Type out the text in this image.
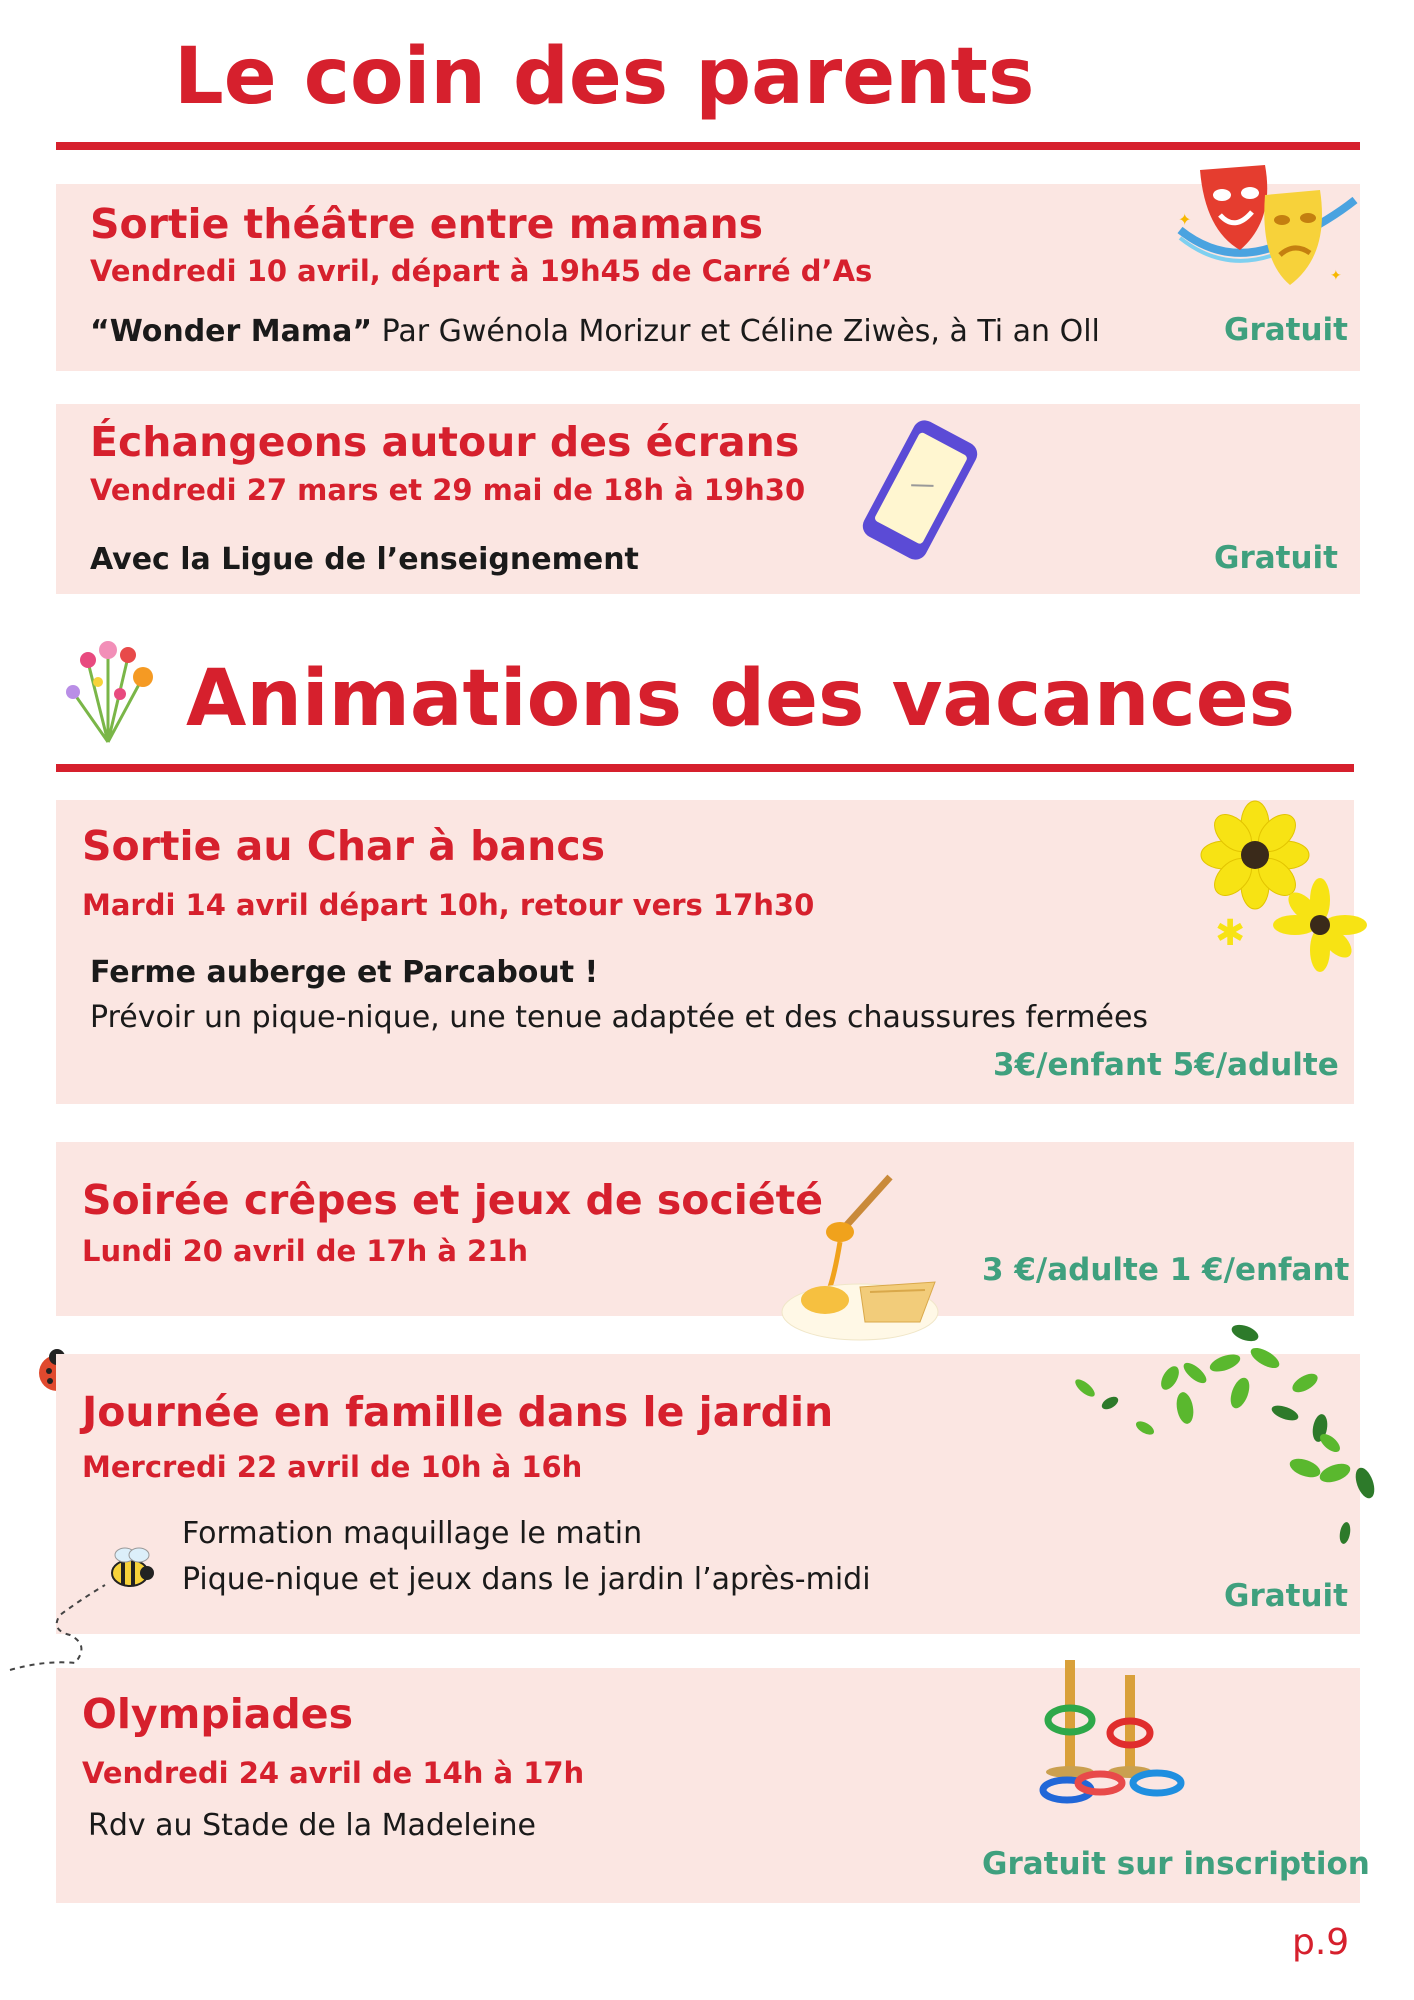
Le coin des parents
Sortie théâtre entre mamans
Vendredi 10 avril, départ à 19h45 de Carré d’As
“Wonder Mama” Par Gwénola Morizur et Céline Ziwès, à Ti an Oll	Gratuit
✦
✦
Échangeons autour des écrans
Vendredi 27 mars et 29 mai de 18h à 19h30
Avec la Ligue de l’enseignement	Gratuit
Animations des vacances
Sortie au Char à bancs
Mardi 14 avril départ 10h, retour vers 17h30
Ferme auberge et Parcabout !
Prévoir un pique-nique, une tenue adaptée et des chaussures fermées
3€/enfant 5€/adulte
✱
Soirée crêpes et jeux de société
Lundi 20 avril de 17h à 21h
3 €/adulte 1 €/enfant
Journée en famille dans le jardin
Mercredi 22 avril de 10h à 16h
Formation maquillage le matin
Pique-nique et jeux dans le jardin l’après-midi	Gratuit
Olympiades
Vendredi 24 avril de 14h à 17h
Rdv au Stade de la Madeleine
Gratuit sur inscription
p.9
